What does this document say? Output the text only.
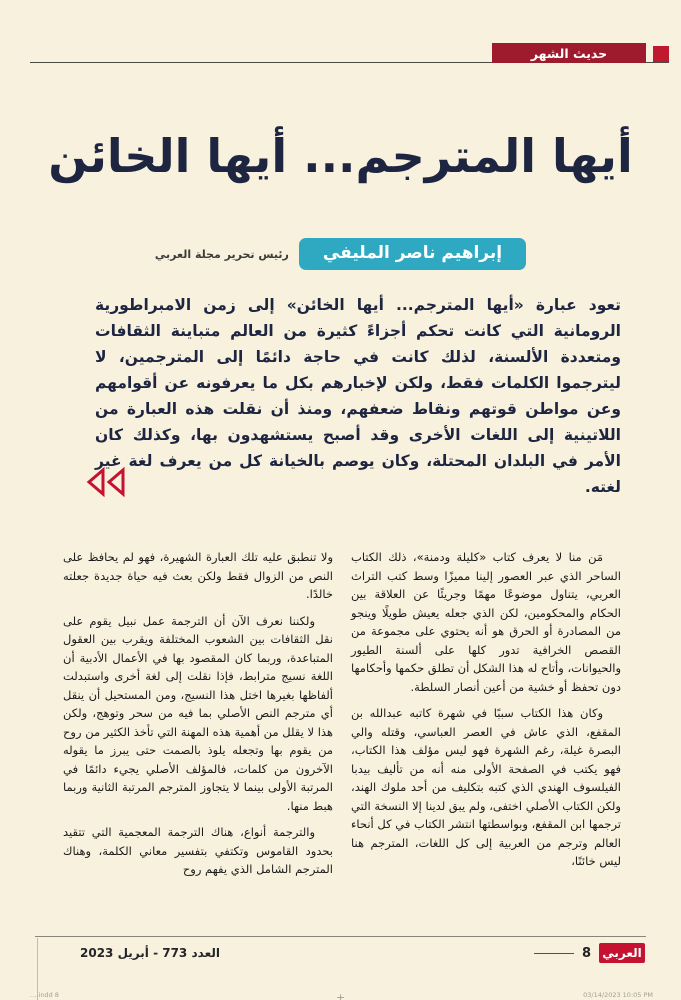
حديث الشهر
أيها المترجم... أيها الخائن
إبراهيم ناصر المليفي
رئيس تحرير مجلة العربي

تعود عبارة «أيها المترجم... أيها الخائن» إلى زمن الامبراطورية الرومانية التي كانت تحكم أجزاءً كثيرة من العالم متباينة الثقافات ومتعددة الألسنة، لذلك كانت في حاجة دائمًا إلى المترجمين، لا ليترجموا الكلمات فقط، ولكن لإخبارهم بكل ما يعرفونه عن أقوامهم وعن مواطن قوتهم ونقاط ضعفهم، ومنذ أن نقلت هذه العبارة من اللاتينية إلى اللغات الأخرى وقد أصبح يستشهدون بها، وكذلك كان الأمر في البلدان المحتلة، وكان يوصم بالخيانة كل من يعرف لغة غير لغته.

مَن منا لا يعرف كتاب «كليلة ودمنة»، ذلك الكتاب الساحر الذي عبر العصور إلينا مميزًا وسط كتب التراث العربي، يتناول موضوعًا مهمًا وجريئًا عن العلاقة بين الحكام والمحكومين، لكن الذي جعله يعيش طويلًا وينجو من المصادرة أو الحرق هو أنه يحتوي على مجموعة من القصص الخرافية تدور كلها على ألسنة الطيور والحيوانات، وأتاح له هذا الشكل أن تطلق حكمها وأحكامها دون تحفظ أو خشية من أعين أنصار السلطة.

وكان هذا الكتاب سببًا في شهرة كاتبه عبدالله بن المقفع، الذي عاش في العصر العباسي، وقتله والي البصرة غيلة، رغم الشهرة فهو ليس مؤلف هذا الكتاب، فهو يكتب في الصفحة الأولى منه أنه من تأليف بيدبا الفيلسوف الهندي الذي كتبه بتكليف من أحد ملوك الهند، ولكن الكتاب الأصلي اختفى، ولم يبق لدينا إلا النسخة التي ترجمها ابن المقفع، وبواسطتها انتشر الكتاب في كل أنحاء العالم وترجم من العربية إلى كل اللغات، المترجم هنا ليس خائنًا،

ولا تنطبق عليه تلك العبارة الشهيرة، فهو لم يحافظ على النص من الزوال فقط ولكن بعث فيه حياة جديدة جعلته خالدًا.

ولكننا نعرف الآن أن الترجمة عمل نبيل يقوم على نقل الثقافات بين الشعوب المختلفة ويقرب بين العقول المتباعدة، وربما كان المقصود بها في الأعمال الأدبية أن اللغة نسيج مترابط، فإذا نقلت إلى لغة أخرى واستبدلت ألفاظها بغيرها اختل هذا النسيج، ومن المستحيل أن ينقل أي مترجم النص الأصلي بما فيه من سحر وتوهج، ولكن هذا لا يقلل من أهمية هذه المهنة التي تأخذ الكثير من روح من يقوم بها وتجعله يلوذ بالصمت حتى يبرز ما يقوله الآخرون من كلمات، فالمؤلف الأصلي يجيء دائمًا في المرتبة الأولى بينما لا يتجاوز المترجم المرتبة الثانية وربما هبط منها.

والترجمة أنواع، هناك الترجمة المعجمية التي تتقيد بحدود القاموس وتكتفي بتفسير معاني الكلمة، وهناك المترجم الشامل الذي يفهم روح

العدد 773 - أبريل 2023	8 العربي
….indd 8	03/14/2023 10:05 PM
+
